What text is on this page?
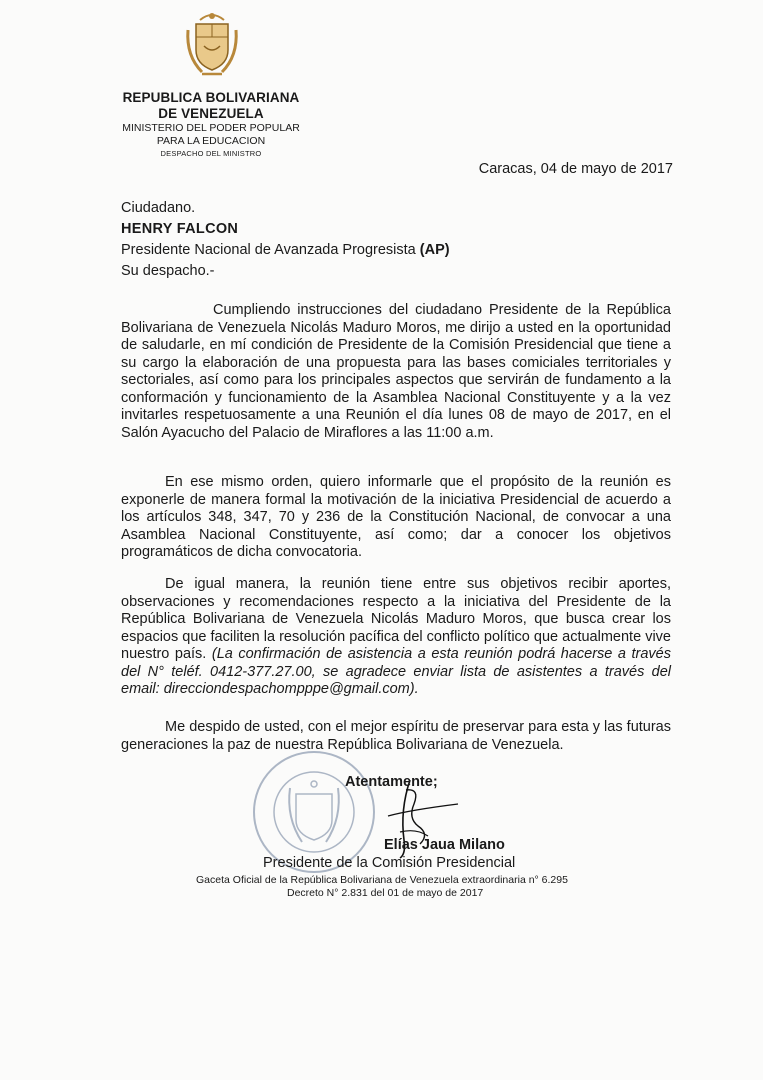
REPUBLICA BOLIVARIANA
DE VENEZUELA
MINISTERIO DEL PODER POPULAR
PARA LA EDUCACION
DESPACHO DEL MINISTRO
Caracas, 04 de mayo de 2017
Ciudadano.
HENRY FALCON
Presidente Nacional de Avanzada Progresista (AP)
Su despacho.-
Cumpliendo instrucciones del ciudadano Presidente de la República Bolivariana de Venezuela Nicolás Maduro Moros, me dirijo a usted en la oportunidad de saludarle, en mí condición de Presidente de la Comisión Presidencial que tiene a su cargo la elaboración de una propuesta para las bases comiciales territoriales y sectoriales, así como para los principales aspectos que servirán de fundamento a la conformación y funcionamiento de la Asamblea Nacional Constituyente y a la vez invitarles respetuosamente a una Reunión el día lunes 08 de mayo de 2017, en el Salón Ayacucho del Palacio de Miraflores a las 11:00 a.m.
En ese mismo orden, quiero informarle que el propósito de la reunión es exponerle de manera formal la motivación de la iniciativa Presidencial de acuerdo a los artículos 348, 347, 70 y 236 de la Constitución Nacional, de convocar a una Asamblea Nacional Constituyente, así como; dar a conocer los objetivos programáticos de dicha convocatoria.
De igual manera, la reunión tiene entre sus objetivos recibir aportes, observaciones y recomendaciones respecto a la iniciativa del Presidente de la República Bolivariana de Venezuela Nicolás Maduro Moros, que busca crear los espacios que faciliten la resolución pacífica del conflicto político que actualmente vive nuestro país. (La confirmación de asistencia a esta reunión podrá hacerse a través del N° teléf. 0412-377.27.00, se agradece enviar lista de asistentes a través del email: direcciondespachompppe@gmail.com).
Me despido de usted, con el mejor espíritu de preservar para esta y las futuras generaciones la paz de nuestra República Bolivariana de Venezuela.
Atentamente;
Elías Jaua Milano
Presidente de la Comisión Presidencial
Gaceta Oficial de la República Bolivariana de Venezuela extraordinaria n° 6.295
Decreto N° 2.831 del 01 de mayo de 2017
